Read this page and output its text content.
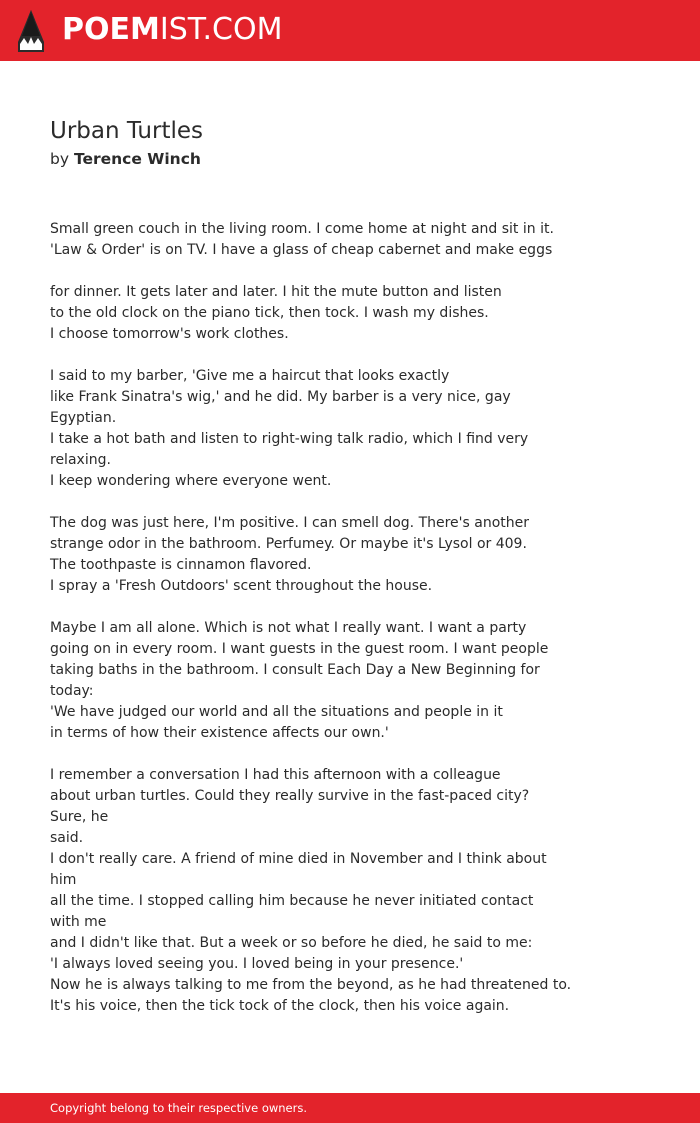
POEMIST.COM
Urban Turtles
by Terence Winch
Small green couch in the living room. I come home at night and sit in it.
'Law & Order' is on TV. I have a glass of cheap cabernet and make eggs
for dinner. It gets later and later. I hit the mute button and listen
to the old clock on the piano tick, then tock. I wash my dishes.
I choose tomorrow's work clothes.
I said to my barber, 'Give me a haircut that looks exactly
like Frank Sinatra's wig,' and he did. My barber is a very nice, gay
Egyptian.
I take a hot bath and listen to right-wing talk radio, which I find very
relaxing.
I keep wondering where everyone went.
The dog was just here, I'm positive. I can smell dog. There's another
strange odor in the bathroom. Perfumey. Or maybe it's Lysol or 409.
The toothpaste is cinnamon flavored.
I spray a 'Fresh Outdoors' scent throughout the house.
Maybe I am all alone. Which is not what I really want. I want a party
going on in every room. I want guests in the guest room. I want people
taking baths in the bathroom. I consult Each Day a New Beginning for
today:
'We have judged our world and all the situations and people in it
in terms of how their existence affects our own.'
I remember a conversation I had this afternoon with a colleague
about urban turtles. Could they really survive in the fast-paced city?
Sure, he
said.
I don't really care. A friend of mine died in November and I think about
him
all the time. I stopped calling him because he never initiated contact
with me
and I didn't like that. But a week or so before he died, he said to me:
'I always loved seeing you. I loved being in your presence.'
Now he is always talking to me from the beyond, as he had threatened to.
It's his voice, then the tick tock of the clock, then his voice again.
Copyright belong to their respective owners.
